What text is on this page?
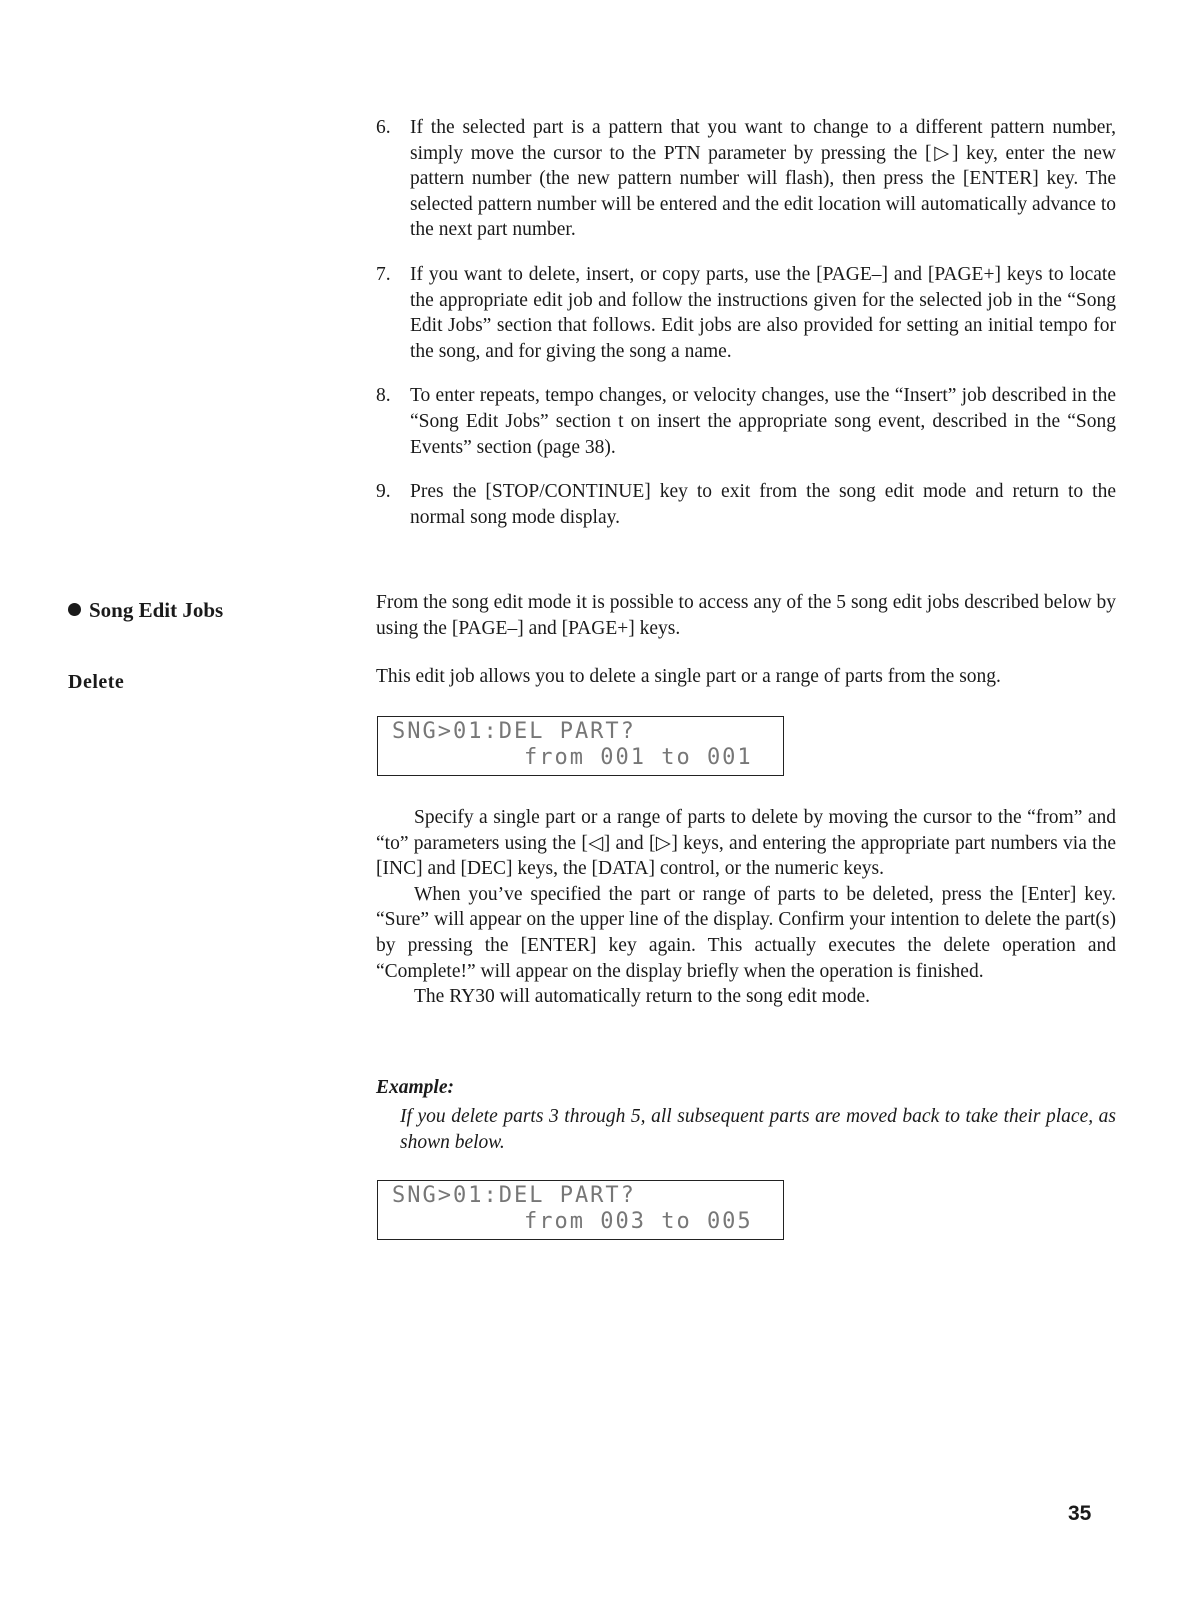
6. If the selected part is a pattern that you want to change to a different pattern number, simply move the cursor to the PTN parameter by pressing the [▷] key, enter the new pattern number (the new pattern number will flash), then press the [ENTER] key. The selected pattern number will be entered and the edit location will automatically advance to the next part number.
7. If you want to delete, insert, or copy parts, use the [PAGE–] and [PAGE+] keys to locate the appropriate edit job and follow the instructions given for the selected job in the “Song Edit Jobs” section that follows. Edit jobs are also provided for setting an initial tempo for the song, and for giving the song a name.
8. To enter repeats, tempo changes, or velocity changes, use the “Insert” job described in the “Song Edit Jobs” section t on insert the appropriate song event, described in the “Song Events” section (page 38).
9. Pres the [STOP/CONTINUE] key to exit from the song edit mode and return to the normal song mode display.
Song Edit Jobs	From the song edit mode it is possible to access any of the 5 song edit jobs described below by using the [PAGE–] and [PAGE+] keys.

Delete	This edit job allows you to delete a single part or a range of parts from the song.

SNG>01:DEL PART?
from 001 to 001

Specify a single part or a range of parts to delete by moving the cursor to the “from” and “to” parameters using the [◁] and [▷] keys, and entering the appropriate part numbers via the [INC] and [DEC] keys, the [DATA] control, or the numeric keys.

When you’ve specified the part or range of parts to be deleted, press the [Enter] key. “Sure” will appear on the upper line of the display. Confirm your intention to delete the part(s) by pressing the [ENTER] key again. This actually executes the delete operation and “Complete!” will appear on the display briefly when the operation is finished.

The RY30 will automatically return to the song edit mode.

Example:

If you delete parts 3 through 5, all subsequent parts are moved back to take their place, as shown below.

SNG>01:DEL PART?
from 003 to 005
35
